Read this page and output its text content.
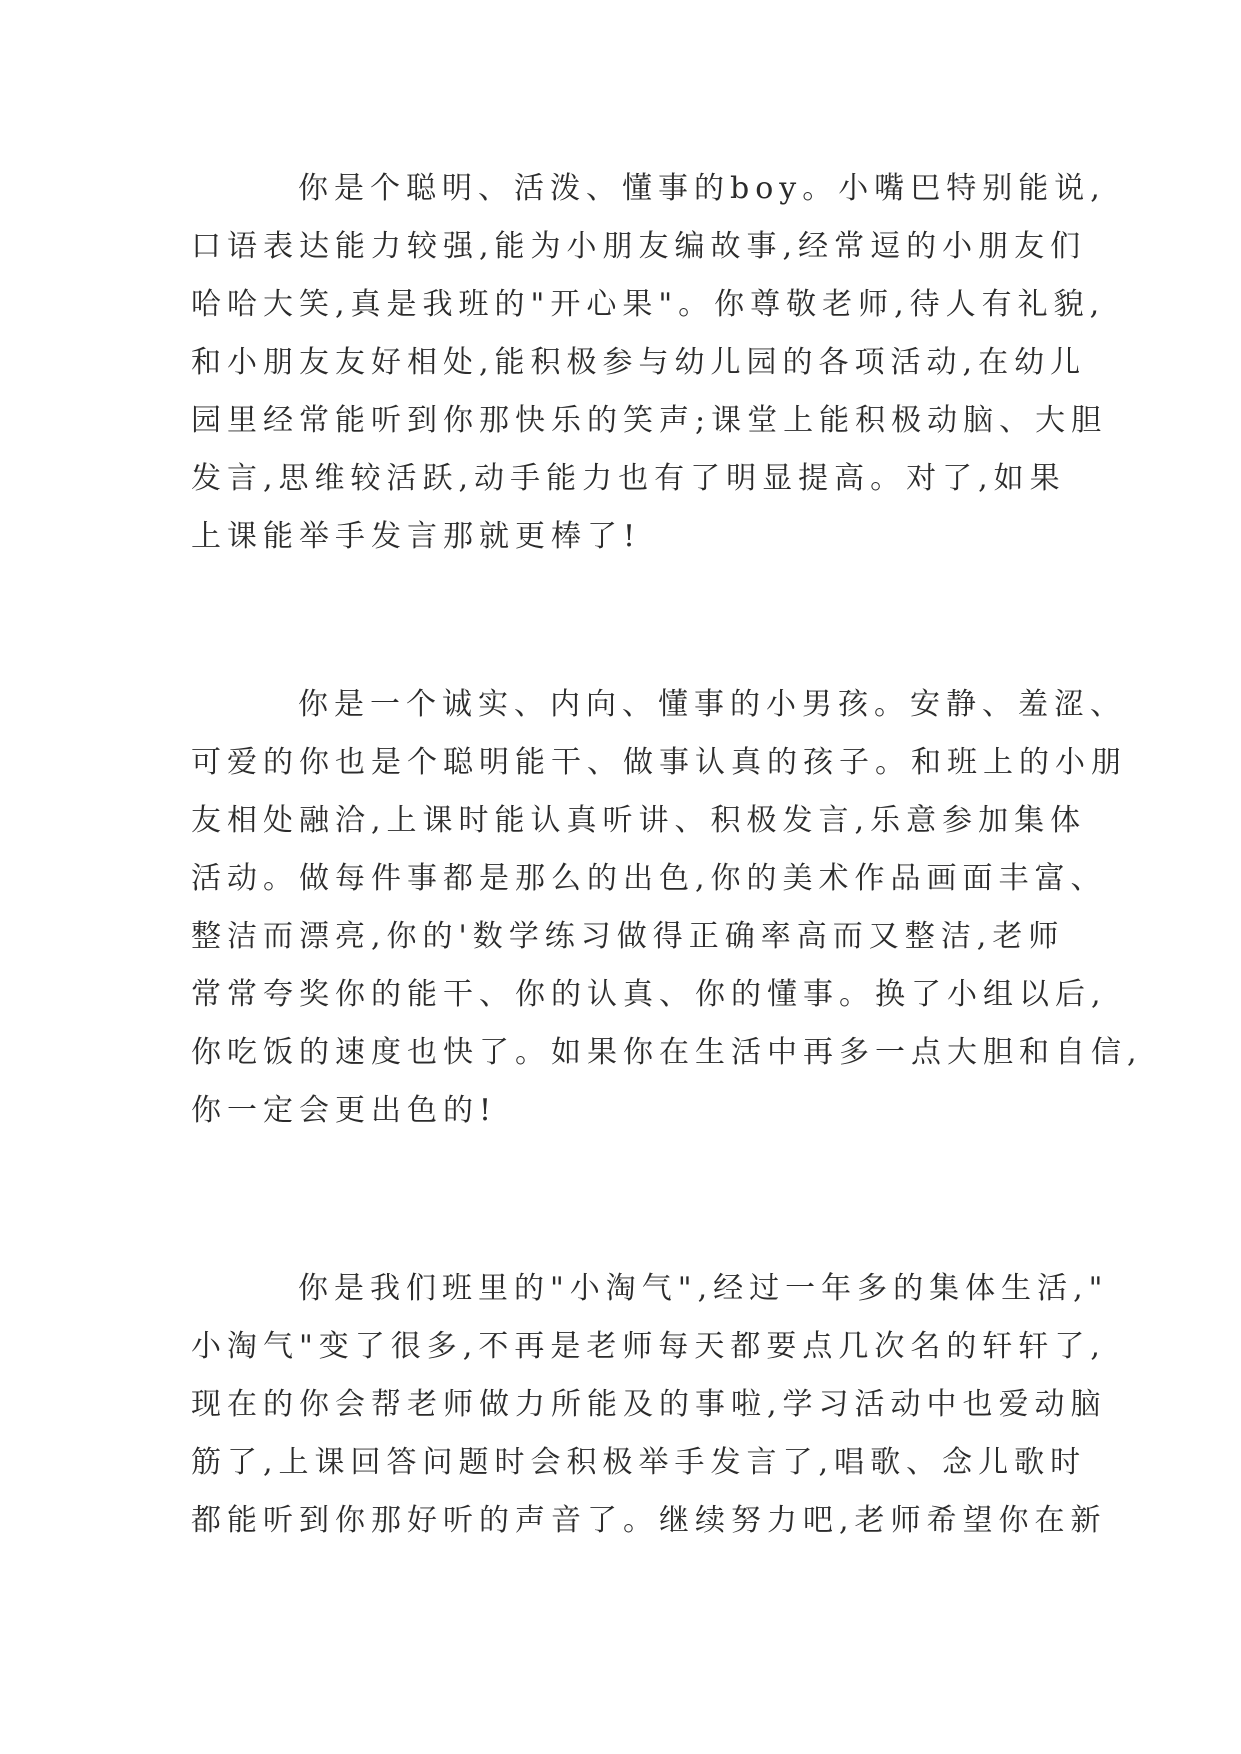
你是个聪明、活泼、懂事的boy。小嘴巴特别能说,
口语表达能力较强,能为小朋友编故事,经常逗的小朋友们
哈哈大笑,真是我班的"开心果"。你尊敬老师,待人有礼貌,
和小朋友友好相处,能积极参与幼儿园的各项活动,在幼儿
园里经常能听到你那快乐的笑声;课堂上能积极动脑、大胆
发言,思维较活跃,动手能力也有了明显提高。对了,如果
上课能举手发言那就更棒了!

你是一个诚实、内向、懂事的小男孩。安静、羞涩、
可爱的你也是个聪明能干、做事认真的孩子。和班上的小朋
友相处融洽,上课时能认真听讲、积极发言,乐意参加集体
活动。做每件事都是那么的出色,你的美术作品画面丰富、
整洁而漂亮,你的'数学练习做得正确率高而又整洁,老师
常常夸奖你的能干、你的认真、你的懂事。换了小组以后,
你吃饭的速度也快了。如果你在生活中再多一点大胆和自信,
你一定会更出色的!

你是我们班里的"小淘气",经过一年多的集体生活,"
小淘气"变了很多,不再是老师每天都要点几次名的轩轩了,
现在的你会帮老师做力所能及的事啦,学习活动中也爱动脑
筋了,上课回答问题时会积极举手发言了,唱歌、念儿歌时
都能听到你那好听的声音了。继续努力吧,老师希望你在新
